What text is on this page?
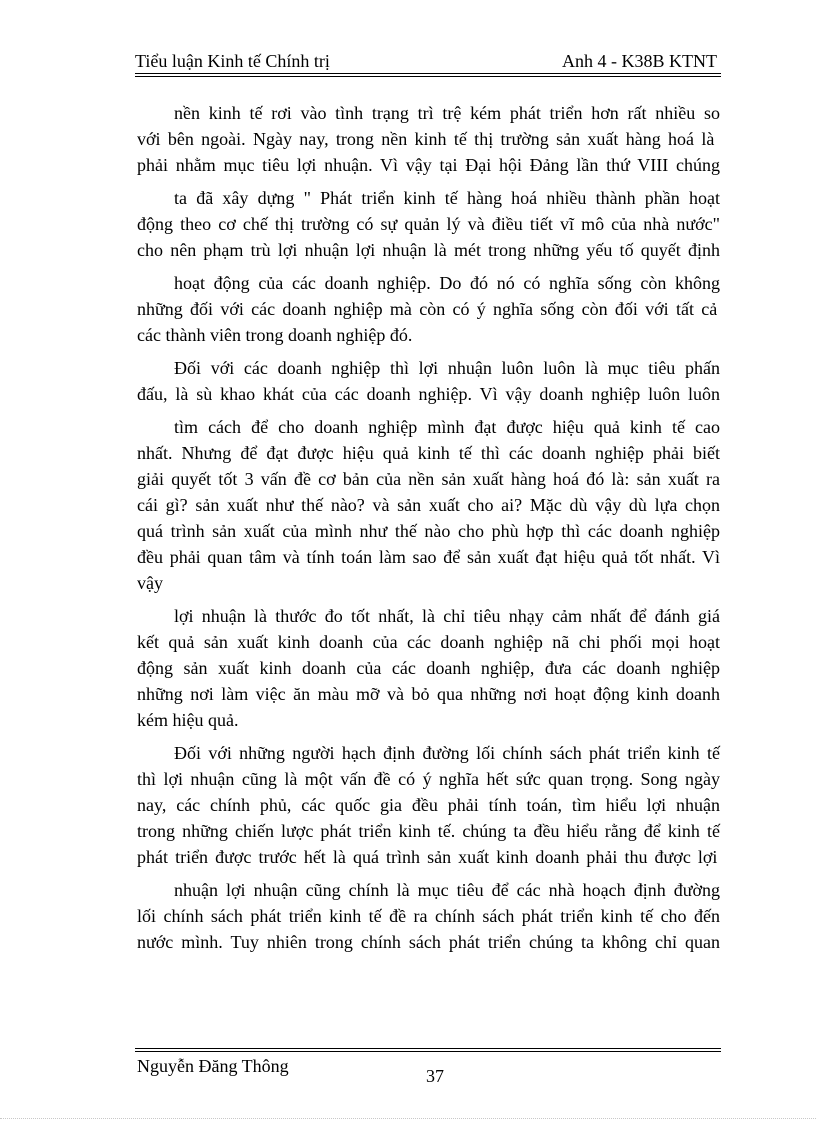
Tiểu luận Kinh tế Chính trị	Anh 4 - K38B KTNT
nền kinh tế rơi vào tình trạng trì trệ kém phát triển hơn rất nhiều so
với bên ngoài. Ngày nay, trong nền kinh tế thị trường sản xuất hàng hoá là
phải nhằm mục tiêu lợi nhuận. Vì vậy tại Đại hội Đảng lần thứ VIII chúng
ta đã xây dựng " Phát triển kinh tế hàng hoá nhiều thành phần hoạt
động theo cơ chế thị trường có sự quản lý và điều tiết vĩ mô của nhà nước"
cho nên phạm trù lợi nhuận lợi nhuận là mét trong những yếu tố quyết định
hoạt động của các doanh nghiệp. Do đó nó có nghĩa sống còn không
những đối với các doanh nghiệp mà còn có ý nghĩa sống còn đối với tất cả
các thành viên trong doanh nghiệp đó.
Đối với các doanh nghiệp thì lợi nhuận luôn luôn là mục tiêu phấn
đấu, là sù khao khát của các doanh nghiệp. Vì vậy doanh nghiệp luôn luôn
tìm cách để cho doanh nghiệp mình đạt được hiệu quả kinh tế cao
nhất. Nhưng để đạt được hiệu quả kinh tế thì các doanh nghiệp phải biết
giải quyết tốt 3 vấn đề cơ bản của nền sản xuất hàng hoá đó là: sản xuất ra
cái gì? sản xuất như thế nào? và sản xuất cho ai? Mặc dù vậy dù lựa chọn
quá trình sản xuất của mình như thế nào cho phù hợp thì các doanh nghiệp
đều phải quan tâm và tính toán làm sao để sản xuất đạt hiệu quả tốt nhất. Vì
vậy
lợi nhuận là thước đo tốt nhất, là chỉ tiêu nhạy cảm nhất để đánh giá
kết quả sản xuất kinh doanh của các doanh nghiệp nã chi phối mọi hoạt
động sản xuất kinh doanh của các doanh nghiệp, đưa các doanh nghiệp
những nơi làm việc ăn màu mỡ và bỏ qua những nơi hoạt động kinh doanh
kém hiệu quả.
Đối với những người hạch định đường lối chính sách phát triển kinh tế
thì lợi nhuận cũng là một vấn đề có ý nghĩa hết sức quan trọng. Song ngày
nay, các chính phủ, các quốc gia đều phải tính toán, tìm hiểu lợi nhuận
trong những chiến lược phát triển kinh tế. chúng ta đều hiểu rằng để kinh tế
phát triển được trước hết là quá trình sản xuất kinh doanh phải thu được lợi
nhuận lợi nhuận cũng chính là mục tiêu để các nhà hoạch định đường
lối chính sách phát triển kinh tế đề ra chính sách phát triển kinh tế cho đến
nước mình. Tuy nhiên trong chính sách phát triển chúng ta không chỉ quan
Nguyễn Đăng Thông	37
